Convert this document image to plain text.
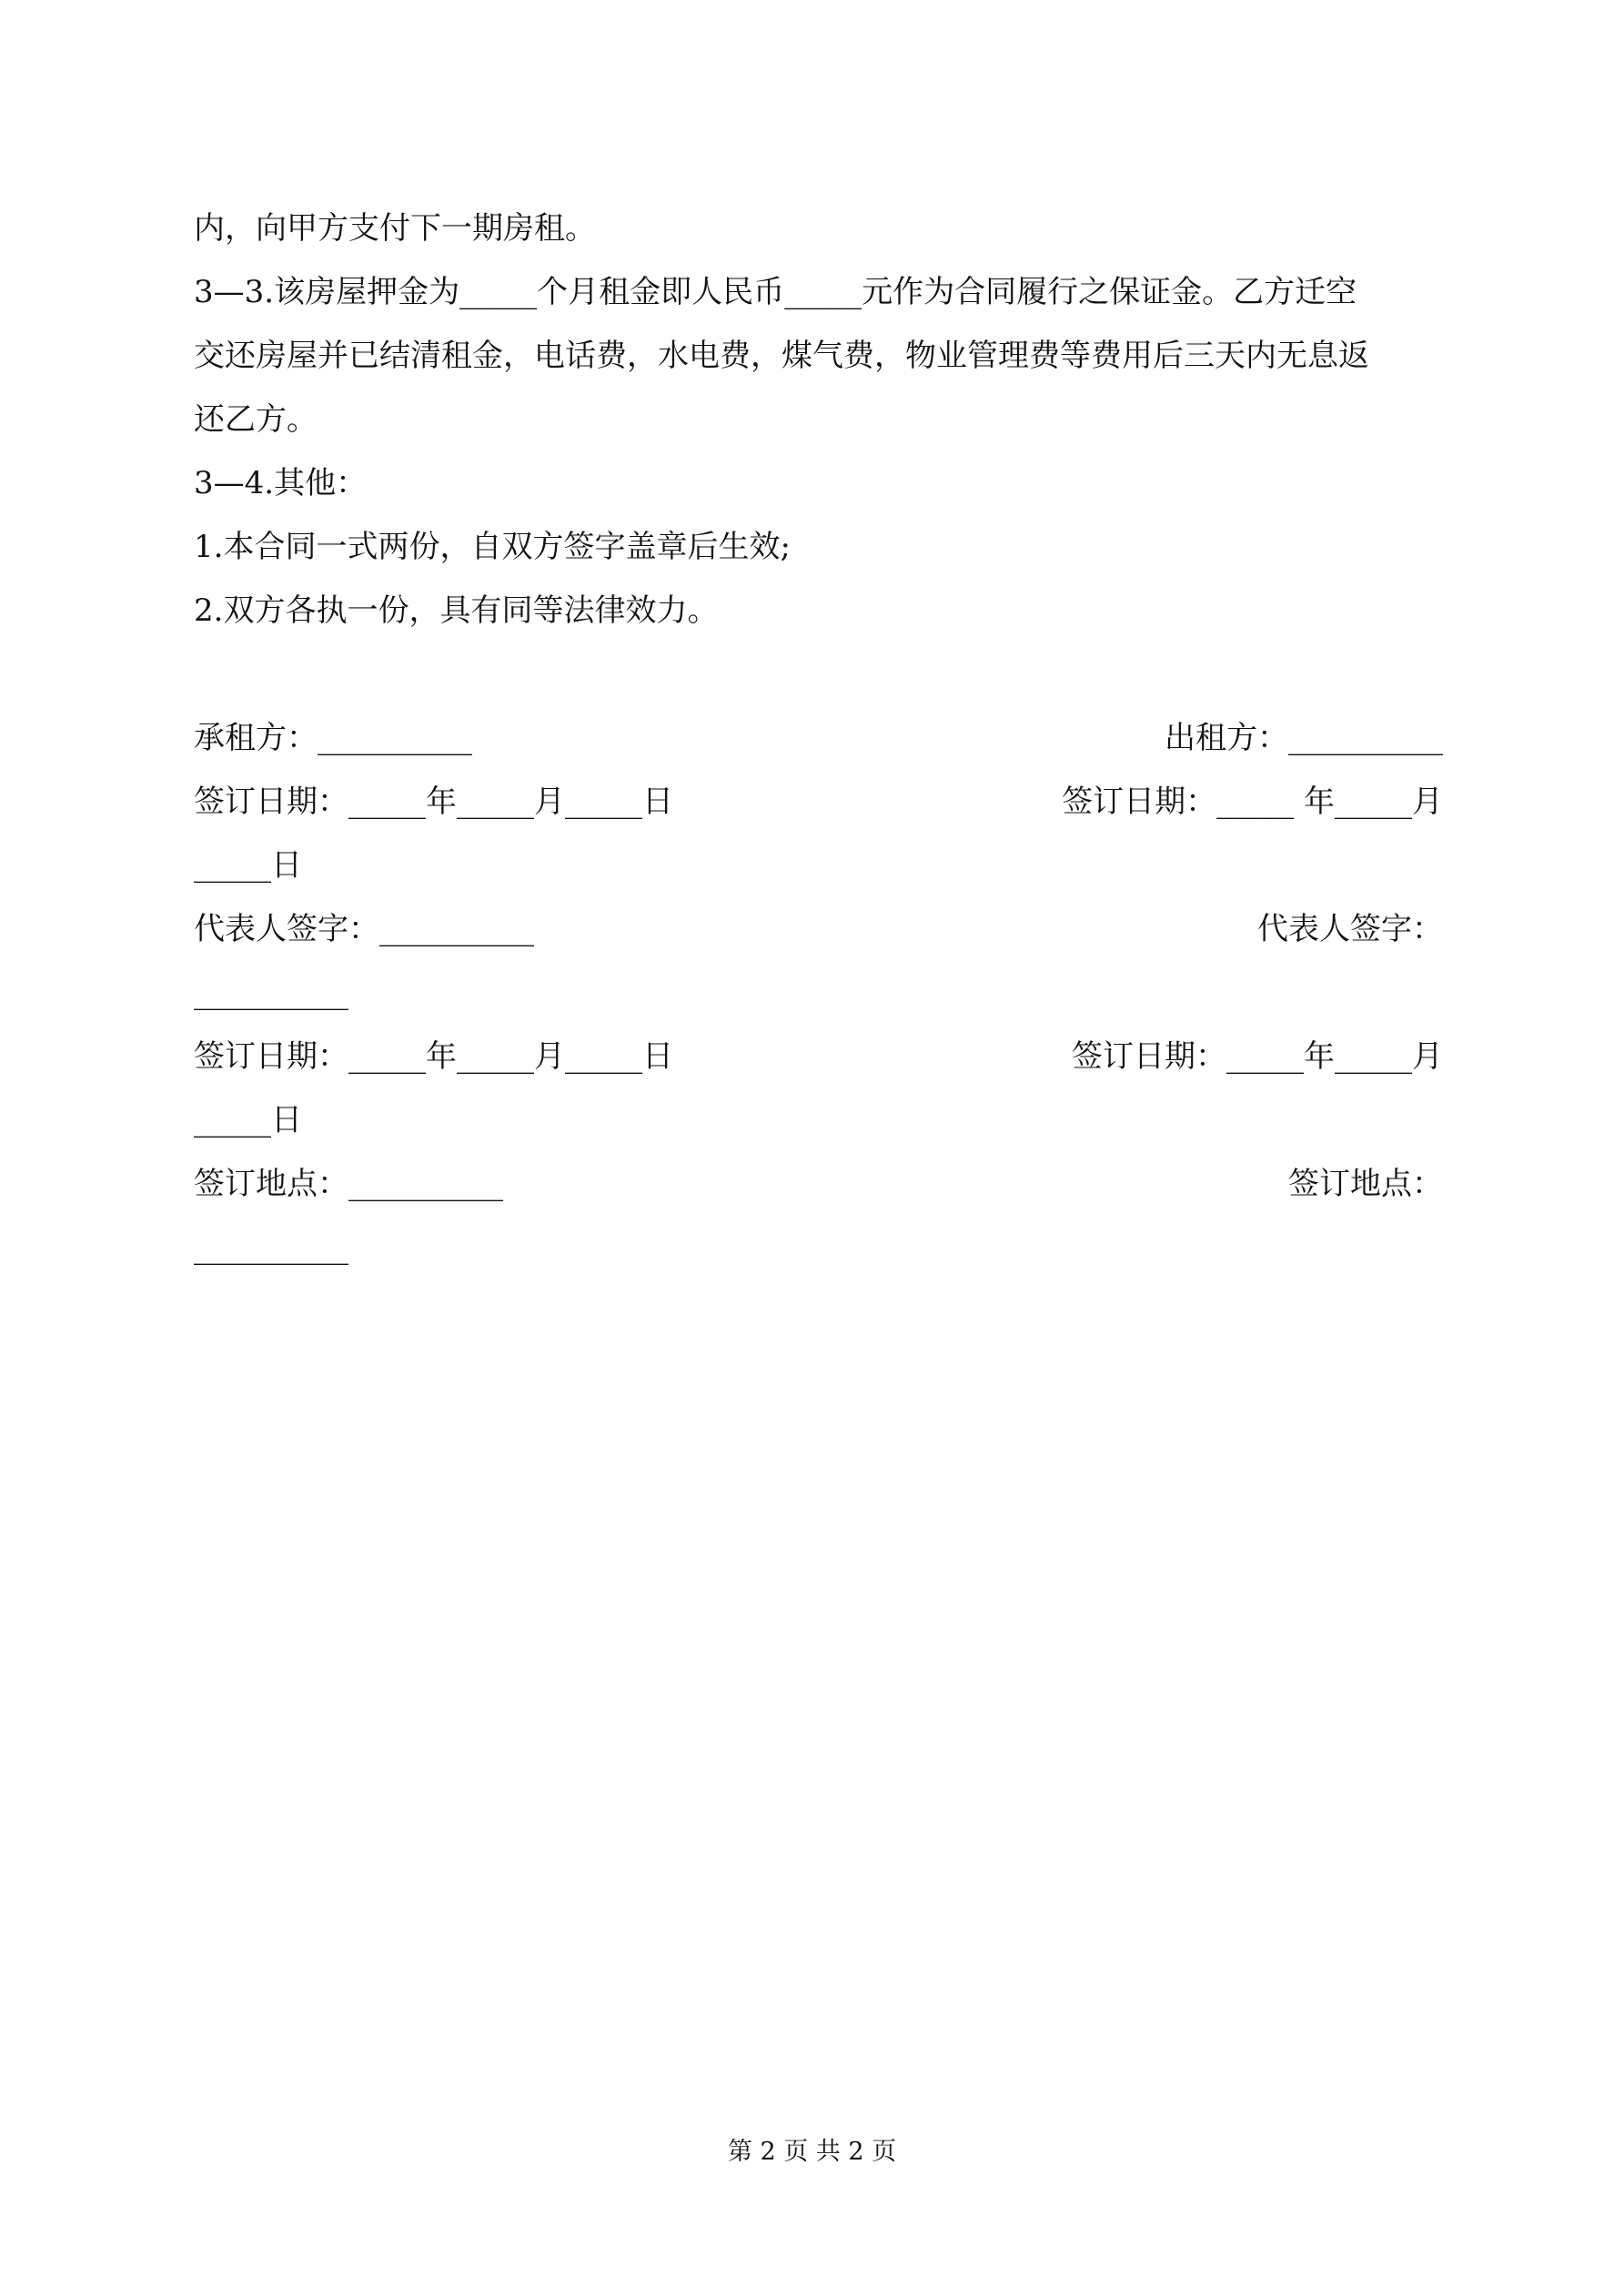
内，向甲方支付下一期房租。
3—3.该房屋押金为_____个月租金即人民币_____元作为合同履行之保证金。乙方迁空
交还房屋并已结清租金，电话费，水电费，煤气费，物业管理费等费用后三天内无息返
还乙方。
3—4.其他：
1.本合同一式两份，自双方签字盖章后生效;
2.双方各执一份，具有同等法律效力。

承租方：__________

	出租方：__________

签订日期：_____年_____月_____日

	签订日期：_____ 年_____月

_____日

代表人签字：__________

	代表人签字：

__________

签订日期：_____年_____月_____日

	签订日期：_____年_____月

_____日

签订地点：__________

	签订地点：

__________
第 2 页 共 2 页
